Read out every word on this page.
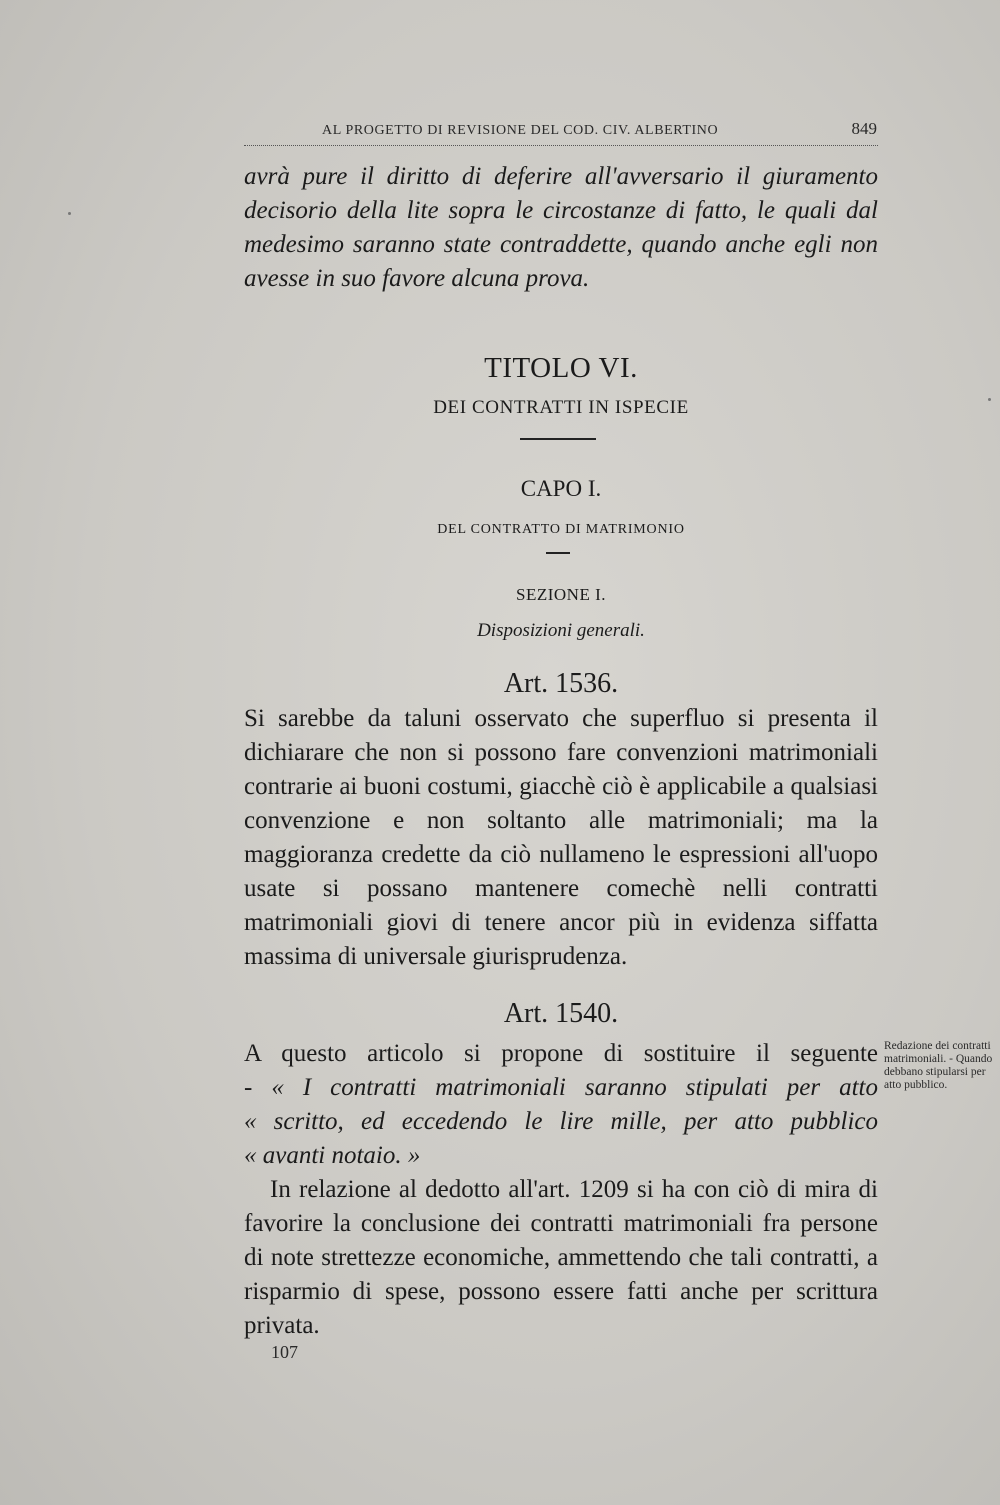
AL PROGETTO DI REVISIONE DEL COD. CIV. ALBERTINO	849
avrà pure il diritto di deferire all'avversario il giuramento decisorio della lite sopra le circostanze di fatto, le quali dal medesimo saranno state contraddette, quando anche egli non avesse in suo favore alcuna prova.
TITOLO VI.
DEI CONTRATTI IN ISPECIE
CAPO I.
DEL CONTRATTO DI MATRIMONIO
SEZIONE I.
Disposizioni generali.
Art. 1536.
Si sarebbe da taluni osservato che superfluo si presenta il dichiarare che non si possono fare convenzioni matrimoniali contrarie ai buoni costumi, giacchè ciò è applicabile a qualsiasi convenzione e non soltanto alle matrimoniali; ma la maggioranza credette da ciò nullameno le espressioni all'uopo usate si possano mantenere comechè nelli contratti matrimoniali giovi di tenere ancor più in evidenza siffatta massima di universale giurisprudenza.
Art. 1540.
A questo articolo si propone di sostituire il seguente
- « I contratti matrimoniali saranno stipulati per atto
« scritto, ed eccedendo le lire mille, per atto pubblico
« avanti notaio. »
In relazione al dedotto all'art. 1209 si ha con ciò di mira di favorire la conclusione dei contratti matrimoniali fra persone di note strettezze economiche, ammettendo che tali contratti, a risparmio di spese, possono essere fatti anche per scrittura privata.
Redazione dei contratti matrimoniali. - Quando debbano stipularsi per atto pubblico.
107
